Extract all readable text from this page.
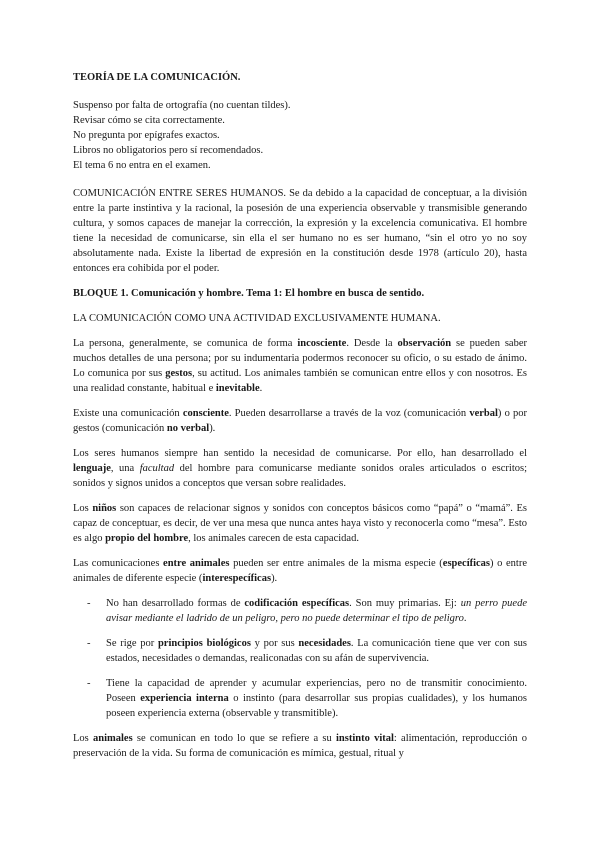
TEORÍA DE LA COMUNICACIÓN.

Suspenso por falta de ortografía (no cuentan tildes).

Revisar cómo se cita correctamente.

No pregunta por epígrafes exactos.

Libros no obligatorios pero sí recomendados.

El tema 6 no entra en el examen.

COMUNICACIÓN ENTRE SERES HUMANOS. Se da debido a la capacidad de conceptuar, a la división entre la parte instintiva y la racional, la posesión de una experiencia observable y transmisible generando cultura, y somos capaces de manejar la corrección, la expresión y la excelencia comunicativa. El hombre tiene la necesidad de comunicarse, sin ella el ser humano no es ser humano, “sin el otro yo no soy absolutamente nada. Existe la libertad de expresión en la constitución desde 1978 (artículo 20), hasta entonces era cohibida por el poder.

BLOQUE 1. Comunicación y hombre. Tema 1: El hombre en busca de sentido.

LA COMUNICACIÓN COMO UNA ACTIVIDAD EXCLUSIVAMENTE HUMANA.

La persona, generalmente, se comunica de forma incosciente. Desde la observación se pueden saber muchos detalles de una persona; por su indumentaria podermos reconocer su oficio, o su estado de ánimo. Lo comunica por sus gestos, su actitud. Los animales también se comunican entre ellos y con nosotros. Es una realidad constante, habitual e inevitable.

Existe una comunicación consciente. Pueden desarrollarse a través de la voz (comunicación verbal) o por gestos (comunicación no verbal).

Los seres humanos siempre han sentido la necesidad de comunicarse. Por ello, han desarrollado el lenguaje, una facultad del hombre para comunicarse mediante sonidos orales articulados o escritos; sonidos y signos unidos a conceptos que versan sobre realidades.

Los niños son capaces de relacionar signos y sonidos con conceptos básicos como “papá” o “mamá”. Es capaz de conceptuar, es decir, de ver una mesa que nunca antes haya visto y reconocerla como “mesa”. Esto es algo propio del hombre, los animales carecen de esta capacidad.

Las comunicaciones entre animales pueden ser entre animales de la misma especie (específicas) o entre animales de diferente especie (interespecíficas).

- No han desarrollado formas de codificación específicas. Son muy primarias. Ej: un perro puede avisar mediante el ladrido de un peligro, pero no puede determinar el tipo de peligro.
- Se rige por principios biológicos y por sus necesidades. La comunicación tiene que ver con sus estados, necesidades o demandas, realiconadas con su afán de supervivencia.
- Tiene la capacidad de aprender y acumular experiencias, pero no de transmitir conocimiento. Poseen experiencia interna o instinto (para desarrollar sus propias cualidades), y los humanos poseen experiencia externa (observable y transmitible).

Los animales se comunican en todo lo que se refiere a su instinto vital: alimentación, reproducción o preservación de la vida. Su forma de comunicación es mímica, gestual, ritual y
